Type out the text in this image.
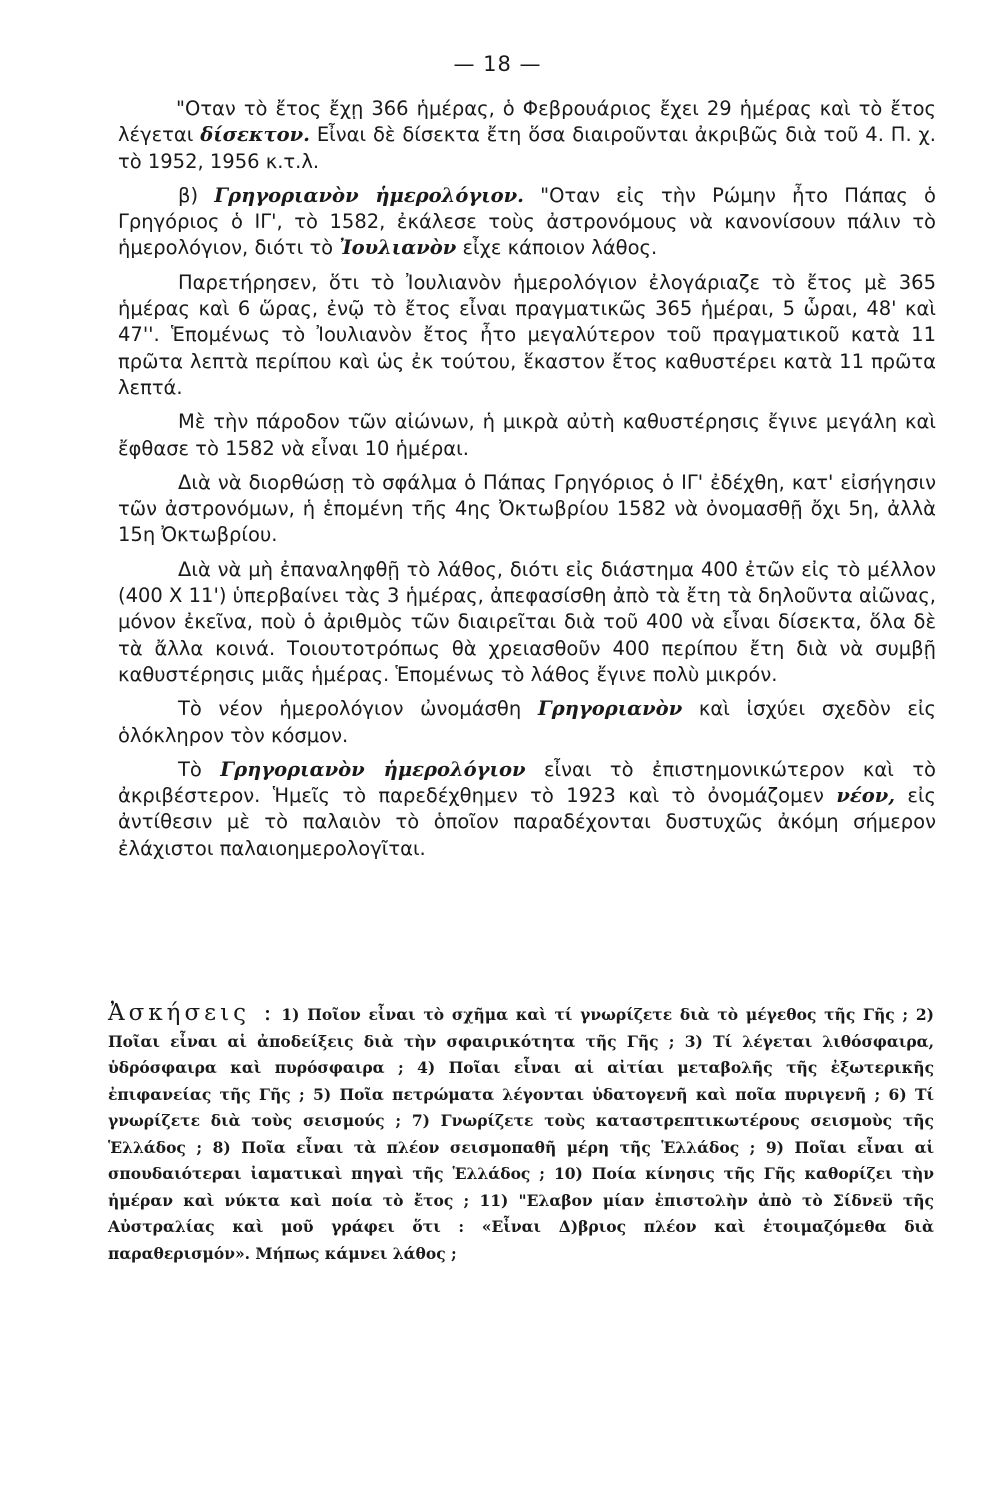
— 18 —

"Οταν τὸ ἔτος ἔχῃ 366 ἡμέρας, ὁ Φεβρουάριος ἔχει 29 ἡμέρας καὶ τὸ ἔτος λέγεται δίσεκτον. Εἶναι δὲ δίσεκτα ἔτη ὅσα διαιροῦνται ἀκριβῶς διὰ τοῦ 4. Π. χ. τὸ 1952, 1956 κ.τ.λ.

β) Γρηγοριανὸν ἡμερολόγιον. "Οταν εἰς τὴν Ρώμην ἦτο Πάπας ὁ Γρηγόριος ὁ ΙΓ', τὸ 1582, ἐκάλεσε τοὺς ἀστρονόμους νὰ κανονίσουν πάλιν τὸ ἡμερολόγιον, διότι τὸ Ἰουλιανὸν εἶχε κάποιον λάθος.

Παρετήρησεν, ὅτι τὸ Ἰουλιανὸν ἡμερολόγιον ἐλογάριαζε τὸ ἔτος μὲ 365 ἡμέρας καὶ 6 ὥρας, ἐνῷ τὸ ἔτος εἶναι πραγματικῶς 365 ἡμέραι, 5 ὧραι, 48' καὶ 47''. Ἑπομένως τὸ Ἰουλιανὸν ἔτος ἦτο μεγαλύτερον τοῦ πραγματικοῦ κατὰ 11 πρῶτα λεπτὰ περίπου καὶ ὡς ἐκ τούτου, ἕκαστον ἔτος καθυστέρει κατὰ 11 πρῶτα λεπτά.

Μὲ τὴν πάροδον τῶν αἰώνων, ἡ μικρὰ αὐτὴ καθυστέρησις ἔγινε μεγάλη καὶ ἔφθασε τὸ 1582 νὰ εἶναι 10 ἡμέραι.

Διὰ νὰ διορθώσῃ τὸ σφάλμα ὁ Πάπας Γρηγόριος ὁ ΙΓ' ἐδέχθη, κατ' εἰσήγησιν τῶν ἀστρονόμων, ἡ ἑπομένη τῆς 4ης Ὀκτωβρίου 1582 νὰ ὀνομασθῇ ὄχι 5η, ἀλλὰ 15η Ὀκτωβρίου.

Διὰ νὰ μὴ ἐπαναληφθῇ τὸ λάθος, διότι εἰς διάστημα 400 ἐτῶν εἰς τὸ μέλλον (400 X 11') ὑπερβαίνει τὰς 3 ἡμέρας, ἀπεφασίσθη ἀπὸ τὰ ἔτη τὰ δηλοῦντα αἰῶνας, μόνον ἐκεῖνα, ποὺ ὁ ἀριθμὸς τῶν διαιρεῖται διὰ τοῦ 400 νὰ εἶναι δίσεκτα, ὅλα δὲ τὰ ἄλλα κοινά. Τοιουτοτρόπως θὰ χρειασθοῦν 400 περίπου ἔτη διὰ νὰ συμβῇ καθυστέρησις μιᾶς ἡμέρας. Ἑπομένως τὸ λάθος ἔγινε πολὺ μικρόν.

Τὸ νέον ἡμερολόγιον ὠνομάσθη Γρηγοριανὸν καὶ ἰσχύει σχεδὸν εἰς ὁλόκληρον τὸν κόσμον.

Τὸ Γρηγοριανὸν ἡμερολόγιον εἶναι τὸ ἐπιστημονικώτερον καὶ τὸ ἀκριβέστερον. Ἡμεῖς τὸ παρεδέχθημεν τὸ 1923 καὶ τὸ ὀνομάζομεν νέον, εἰς ἀντίθεσιν μὲ τὸ παλαιὸν τὸ ὁποῖον παραδέχονται δυστυχῶς ἀκόμη σήμερον ἐλάχιστοι παλαιοημερολογῖται.

Ἀσκήσεις : 1) Ποῖον εἶναι τὸ σχῆμα καὶ τί γνωρίζετε διὰ τὸ μέγεθος τῆς Γῆς ; 2) Ποῖαι εἶναι αἱ ἀποδείξεις διὰ τὴν σφαιρικότητα τῆς Γῆς ; 3) Τί λέγεται λιθόσφαιρα, ὑδρόσφαιρα καὶ πυρόσφαιρα ; 4) Ποῖαι εἶναι αἱ αἰτίαι μεταβολῆς τῆς ἐξωτερικῆς ἐπιφανείας τῆς Γῆς ; 5) Ποῖα πετρώματα λέγονται ὑδατογενῆ καὶ ποῖα πυριγενῆ ; 6) Τί γνωρίζετε διὰ τοὺς σεισμούς ; 7) Γνωρίζετε τοὺς καταστρεπτικωτέρους σεισμοὺς τῆς Ἑλλάδος ; 8) Ποῖα εἶναι τὰ πλέον σεισμοπαθῆ μέρη τῆς Ἑλλάδος ; 9) Ποῖαι εἶναι αἱ σπουδαιότεραι ἰαματικαὶ πηγαὶ τῆς Ἑλλάδος ; 10) Ποία κίνησις τῆς Γῆς καθορίζει τὴν ἡμέραν καὶ νύκτα καὶ ποία τὸ ἔτος ; 11) "Ελαβον μίαν ἐπιστολὴν ἀπὸ τὸ Σίδνεϋ τῆς Αὐστραλίας καὶ μοῦ γράφει ὅτι : «Εἶναι Δ)βριος πλέον καὶ ἑτοιμαζόμεθα διὰ παραθερισμόν». Μήπως κάμνει λάθος ;
